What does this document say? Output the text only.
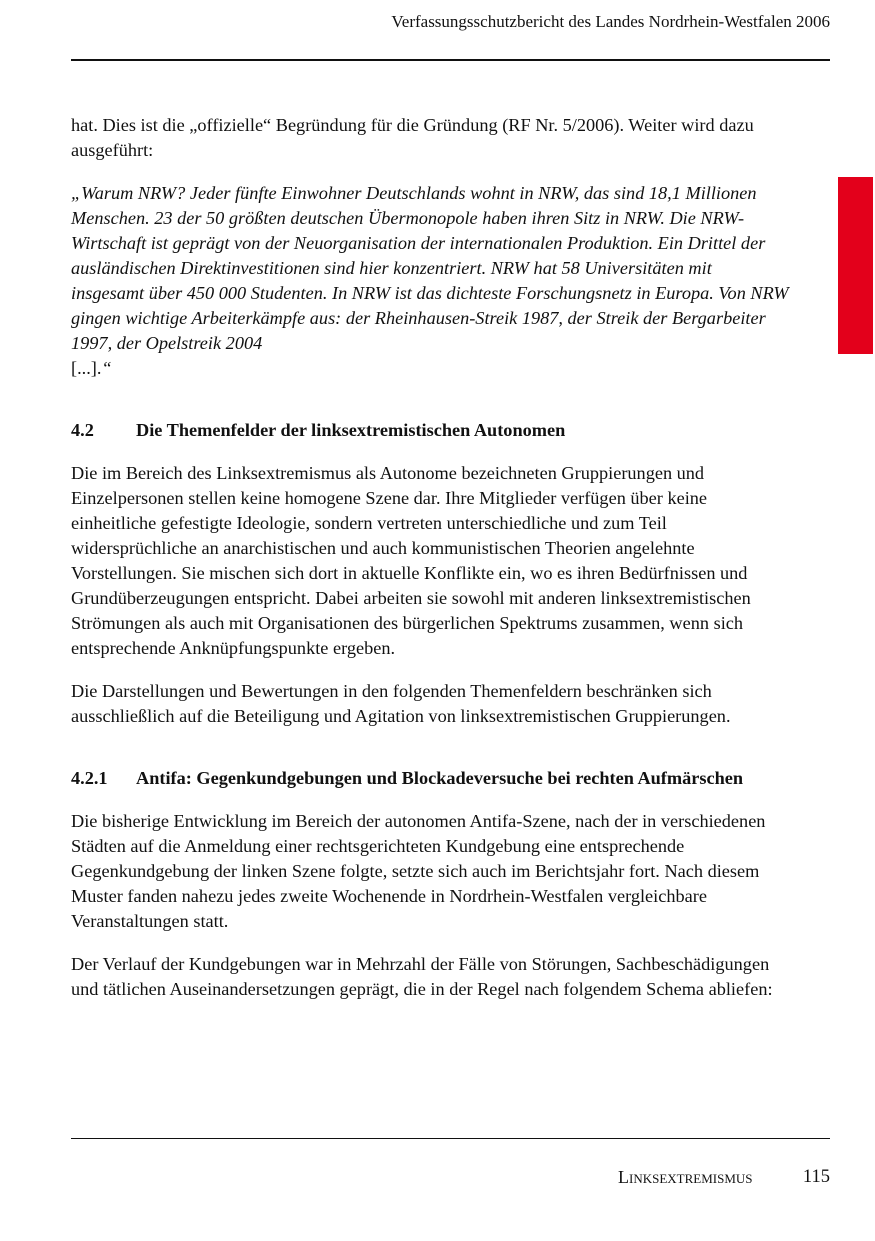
Verfassungsschutzbericht des Landes Nordrhein-Westfalen 2006

hat. Dies ist die „offizielle“ Begründung für die Gründung (RF Nr. 5/2006). Weiter wird dazu ausgeführt:

„Warum NRW? Jeder fünfte Einwohner Deutschlands wohnt in NRW, das sind 18,1 Millionen Menschen. 23 der 50 größten deutschen Übermonopole haben ihren Sitz in NRW. Die NRW-Wirtschaft ist geprägt von der Neuorganisation der internationalen Produktion. Ein Drittel der ausländischen Direktinvestitionen sind hier konzentriert. NRW hat 58 Universitäten mit insgesamt über 450 000 Studenten. In NRW ist das dichteste Forschungsnetz in Europa. Von NRW gingen wichtige Arbeiterkämpfe aus: der Rheinhausen-Streik 1987, der Streik der Bergarbeiter 1997, der Opelstreik 2004
[...].“

4.2	Die Themenfelder der linksextremistischen Autonomen

Die im Bereich des Linksextremismus als Autonome bezeichneten Gruppierungen und Einzelpersonen stellen keine homogene Szene dar. Ihre Mitglieder verfügen über keine einheitliche gefestigte Ideologie, sondern vertreten unterschiedliche und zum Teil widersprüchliche an anarchistischen und auch kommunistischen Theorien angelehnte Vorstellungen. Sie mischen sich dort in aktuelle Konflikte ein, wo es ihren Bedürfnissen und Grundüberzeugungen entspricht. Dabei arbeiten sie sowohl mit anderen linksextremistischen Strömungen als auch mit Organisationen des bürgerlichen Spektrums zusammen, wenn sich entsprechende Anknüpfungspunkte ergeben.

Die Darstellungen und Bewertungen in den folgenden Themenfeldern beschränken sich ausschließlich auf die Beteiligung und Agitation von linksextremistischen Gruppierungen.

4.2.1	Antifa: Gegenkundgebungen und Blockadeversuche bei rechten Aufmärschen

Die bisherige Entwicklung im Bereich der autonomen Antifa-Szene, nach der in verschiedenen Städten auf die Anmeldung einer rechtsgerichteten Kundgebung eine entsprechende Gegenkundgebung der linken Szene folgte, setzte sich auch im Berichtsjahr fort. Nach diesem Muster fanden nahezu jedes zweite Wochenende in Nordrhein-Westfalen vergleichbare Veranstaltungen statt.

Der Verlauf der Kundgebungen war in Mehrzahl der Fälle von Störungen, Sachbeschädigungen und tätlichen Auseinandersetzungen geprägt, die in der Regel nach folgendem Schema abliefen:

Linksextremismus	115
